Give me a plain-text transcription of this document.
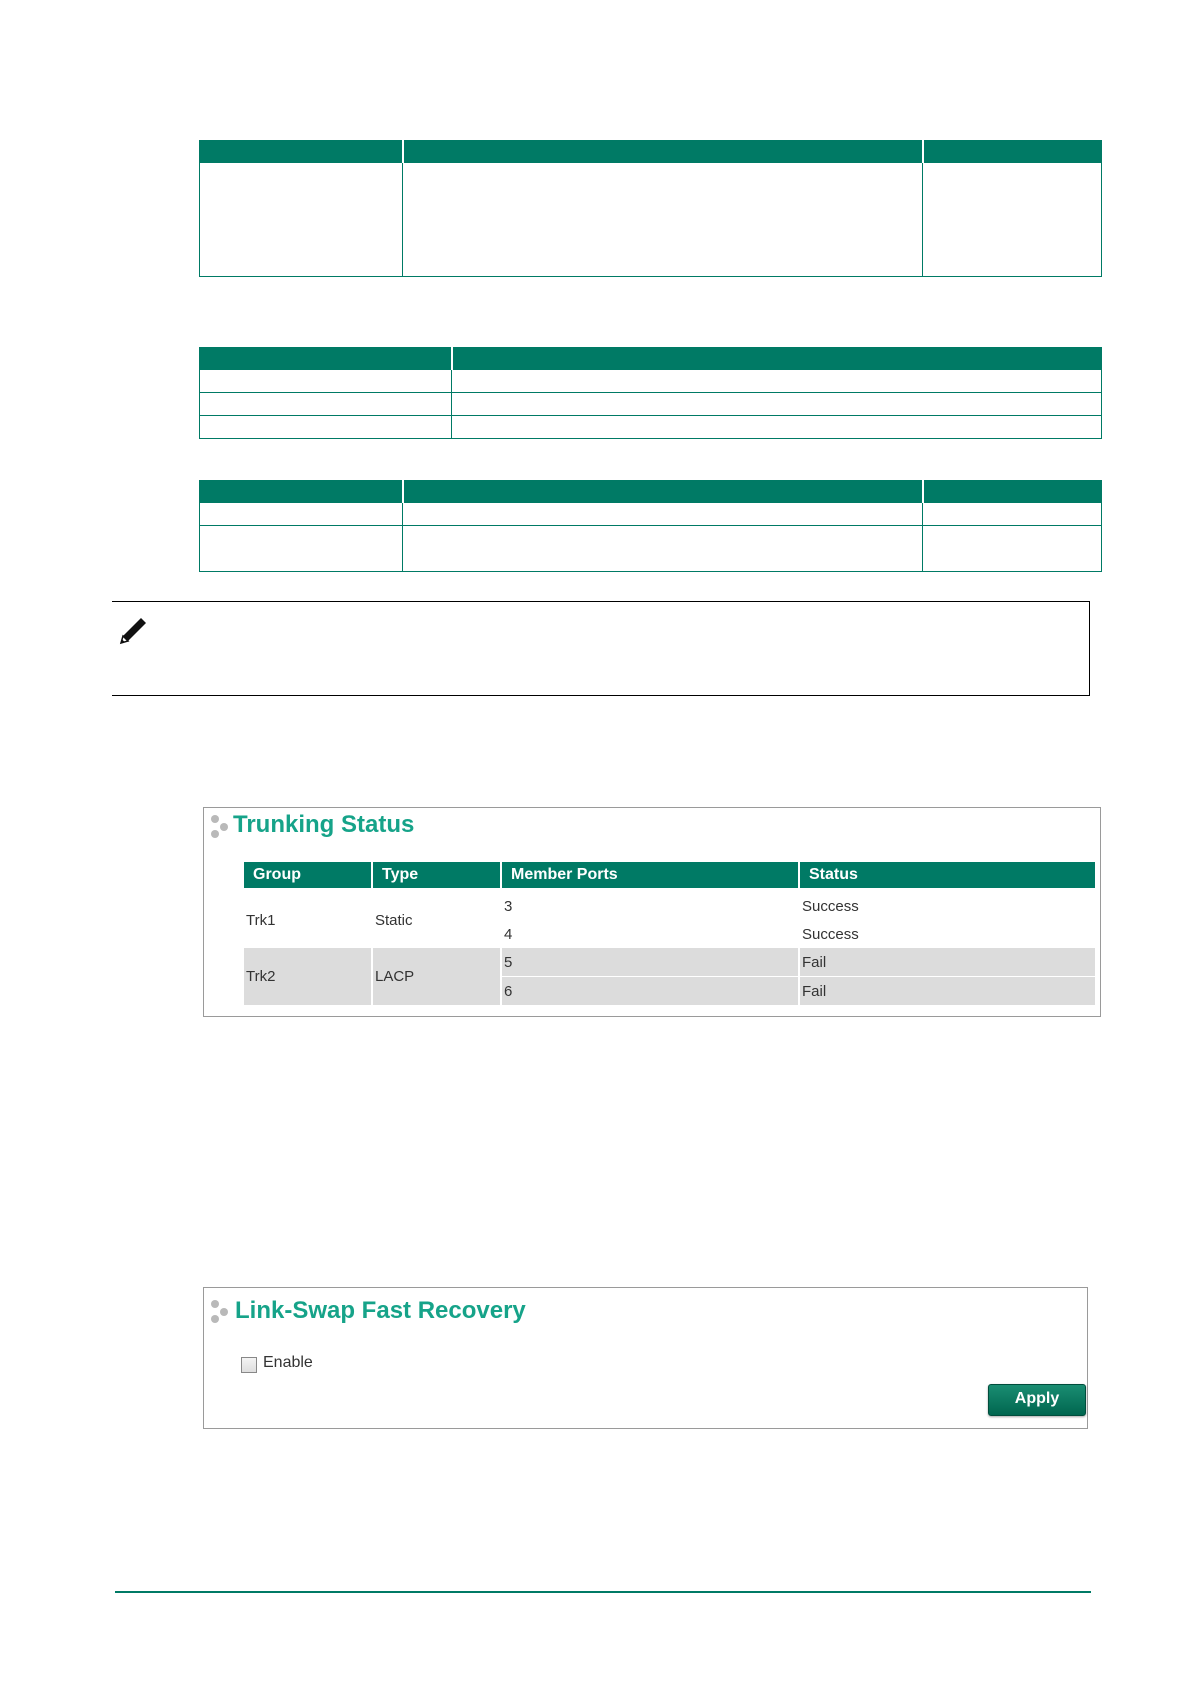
Trunking Status
Group	Type	Member Ports	Status

Trk1	Static	3	Success
		4	Success
Trk2	LACP	5	Fail
		6	Fail
Link-Swap Fast Recovery
Enable
Apply
